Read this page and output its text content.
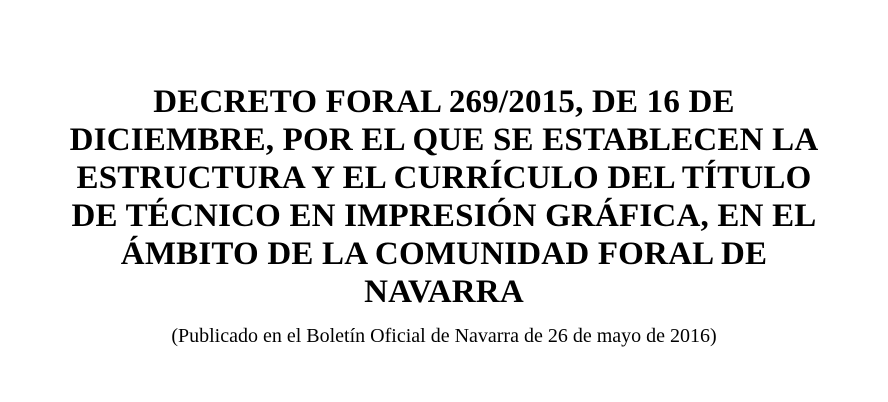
DECRETO FORAL 269/2015, DE 16 DE
DICIEMBRE, POR EL QUE SE ESTABLECEN LA
ESTRUCTURA Y EL CURRÍCULO DEL TÍTULO
DE TÉCNICO EN IMPRESIÓN GRÁFICA, EN EL
ÁMBITO DE LA COMUNIDAD FORAL DE
NAVARRA

(Publicado en el Boletín Oficial de Navarra de 26 de mayo de 2016)
